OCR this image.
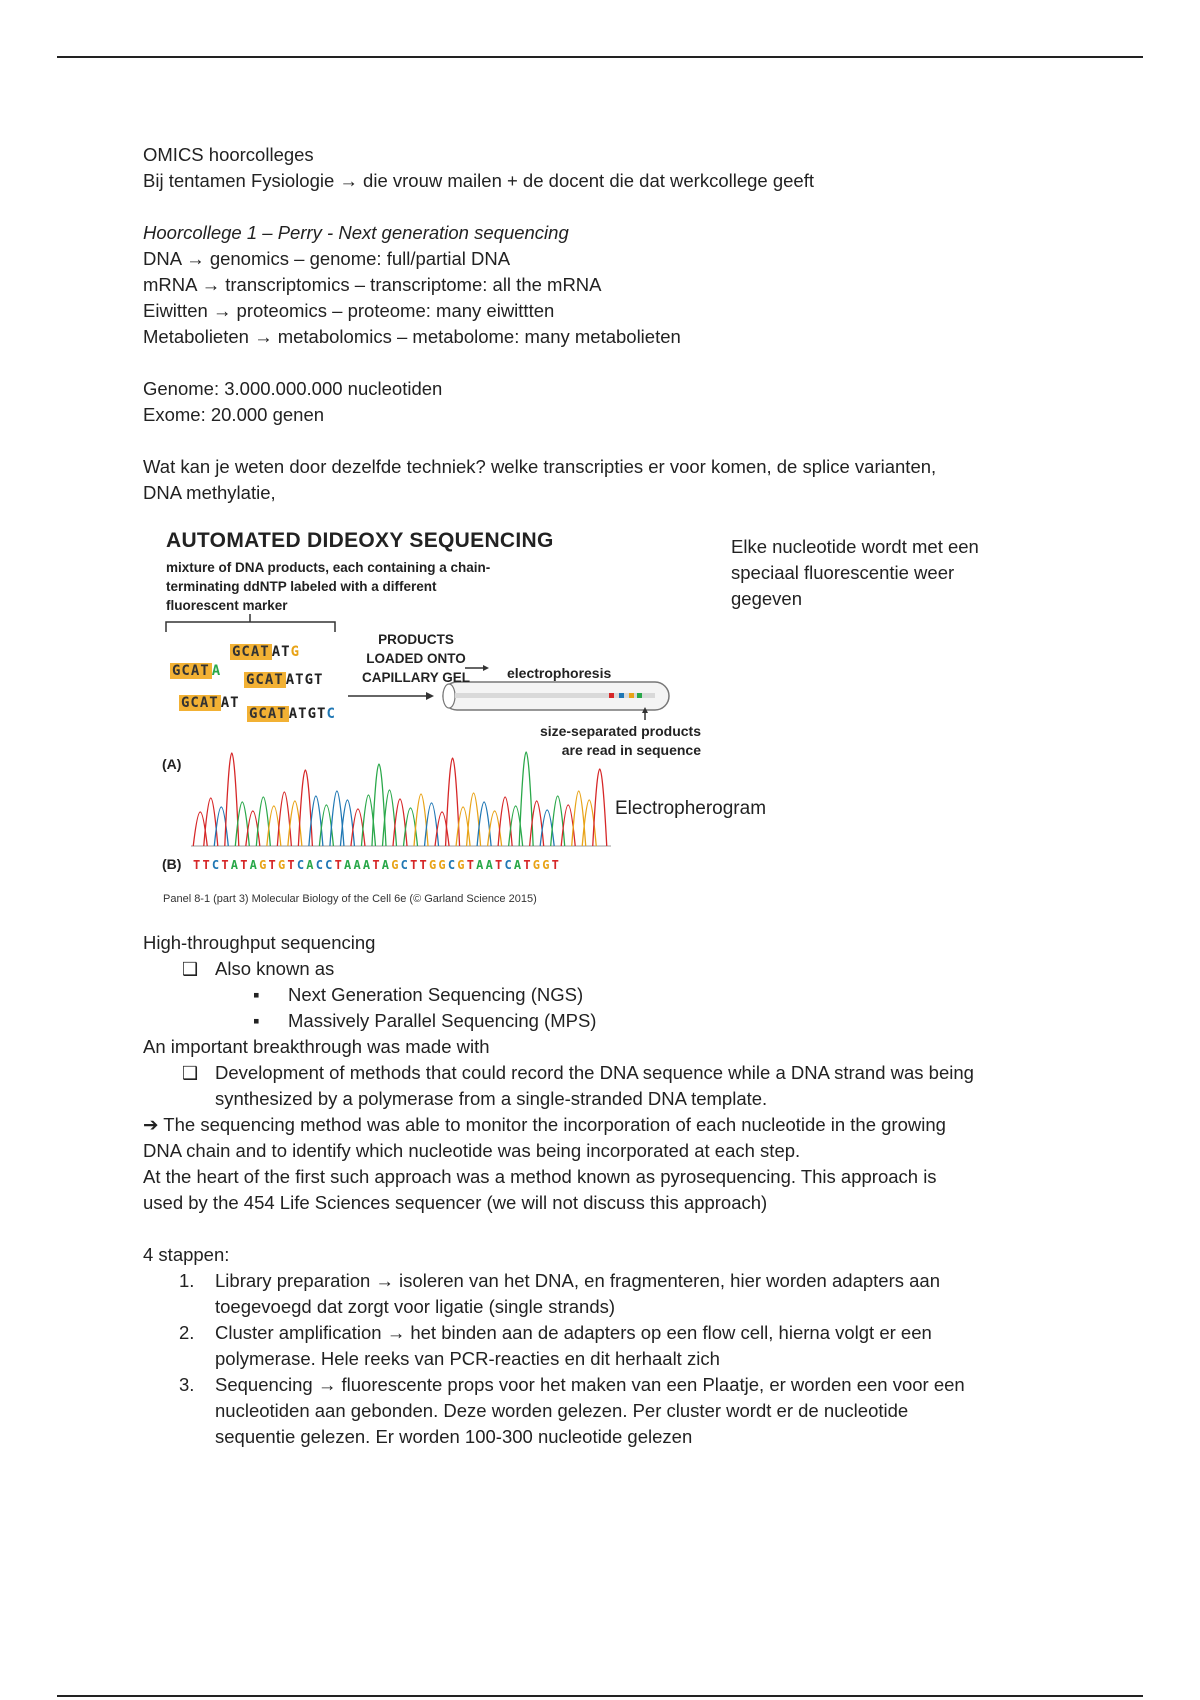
OMICS hoorcolleges

Bij tentamen Fysiologie → die vrouw mailen + de docent die dat werkcollege geeft

Hoorcollege 1 – Perry - Next generation sequencing

DNA → genomics – genome: full/partial DNA

mRNA → transcriptomics – transcriptome: all the mRNA

Eiwitten → proteomics – proteome: many eiwittten

Metabolieten → metabolomics – metabolome: many metabolieten

Genome: 3.000.000.000 nucleotiden

Exome: 20.000 genen

Wat kan je weten door dezelfde techniek? welke transcripties er voor komen, de splice varianten,

DNA methylatie,

AUTOMATED DIDEOXY SEQUENCING
mixture of DNA products, each containing a chain-
terminating ddNTP labeled with a different
fluorescent marker
GCAT ATG
GCAT A
GCAT ATGT
GCAT AT
GCAT ATGTC
PRODUCTS
LOADED ONTO
CAPILLARY GEL	electrophoresis
size-separated products
are read in sequence
(A)
(B) TTCTATAGTGTCACCTAAATAGCTTGGCGTAATCATGGT
Electropherogram
Panel 8-1 (part 3) Molecular Biology of the Cell 6e (© Garland Science 2015)
Elke nucleotide wordt met een
speciaal fluorescentie weer
gegeven

High-throughput sequencing

❑ Also known as

▪ Next Generation Sequencing (NGS)

▪ Massively Parallel Sequencing (MPS)

An important breakthrough was made with

❑ Development of methods that could record the DNA sequence while a DNA strand was being

synthesized by a polymerase from a single-stranded DNA template.

➔ The sequencing method was able to monitor the incorporation of each nucleotide in the growing

DNA chain and to identify which nucleotide was being incorporated at each step.

At the heart of the first such approach was a method known as pyrosequencing. This approach is

used by the 454 Life Sciences sequencer (we will not discuss this approach)

4 stappen:

1. Library preparation → isoleren van het DNA, en fragmenteren, hier worden adapters aan

toegevoegd dat zorgt voor ligatie (single strands)

2. Cluster amplification → het binden aan de adapters op een flow cell, hierna volgt er een

polymerase. Hele reeks van PCR-reacties en dit herhaalt zich

3. Sequencing → fluorescente props voor het maken van een Plaatje, er worden een voor een

nucleotiden aan gebonden. Deze worden gelezen. Per cluster wordt er de nucleotide

sequentie gelezen. Er worden 100-300 nucleotide gelezen
